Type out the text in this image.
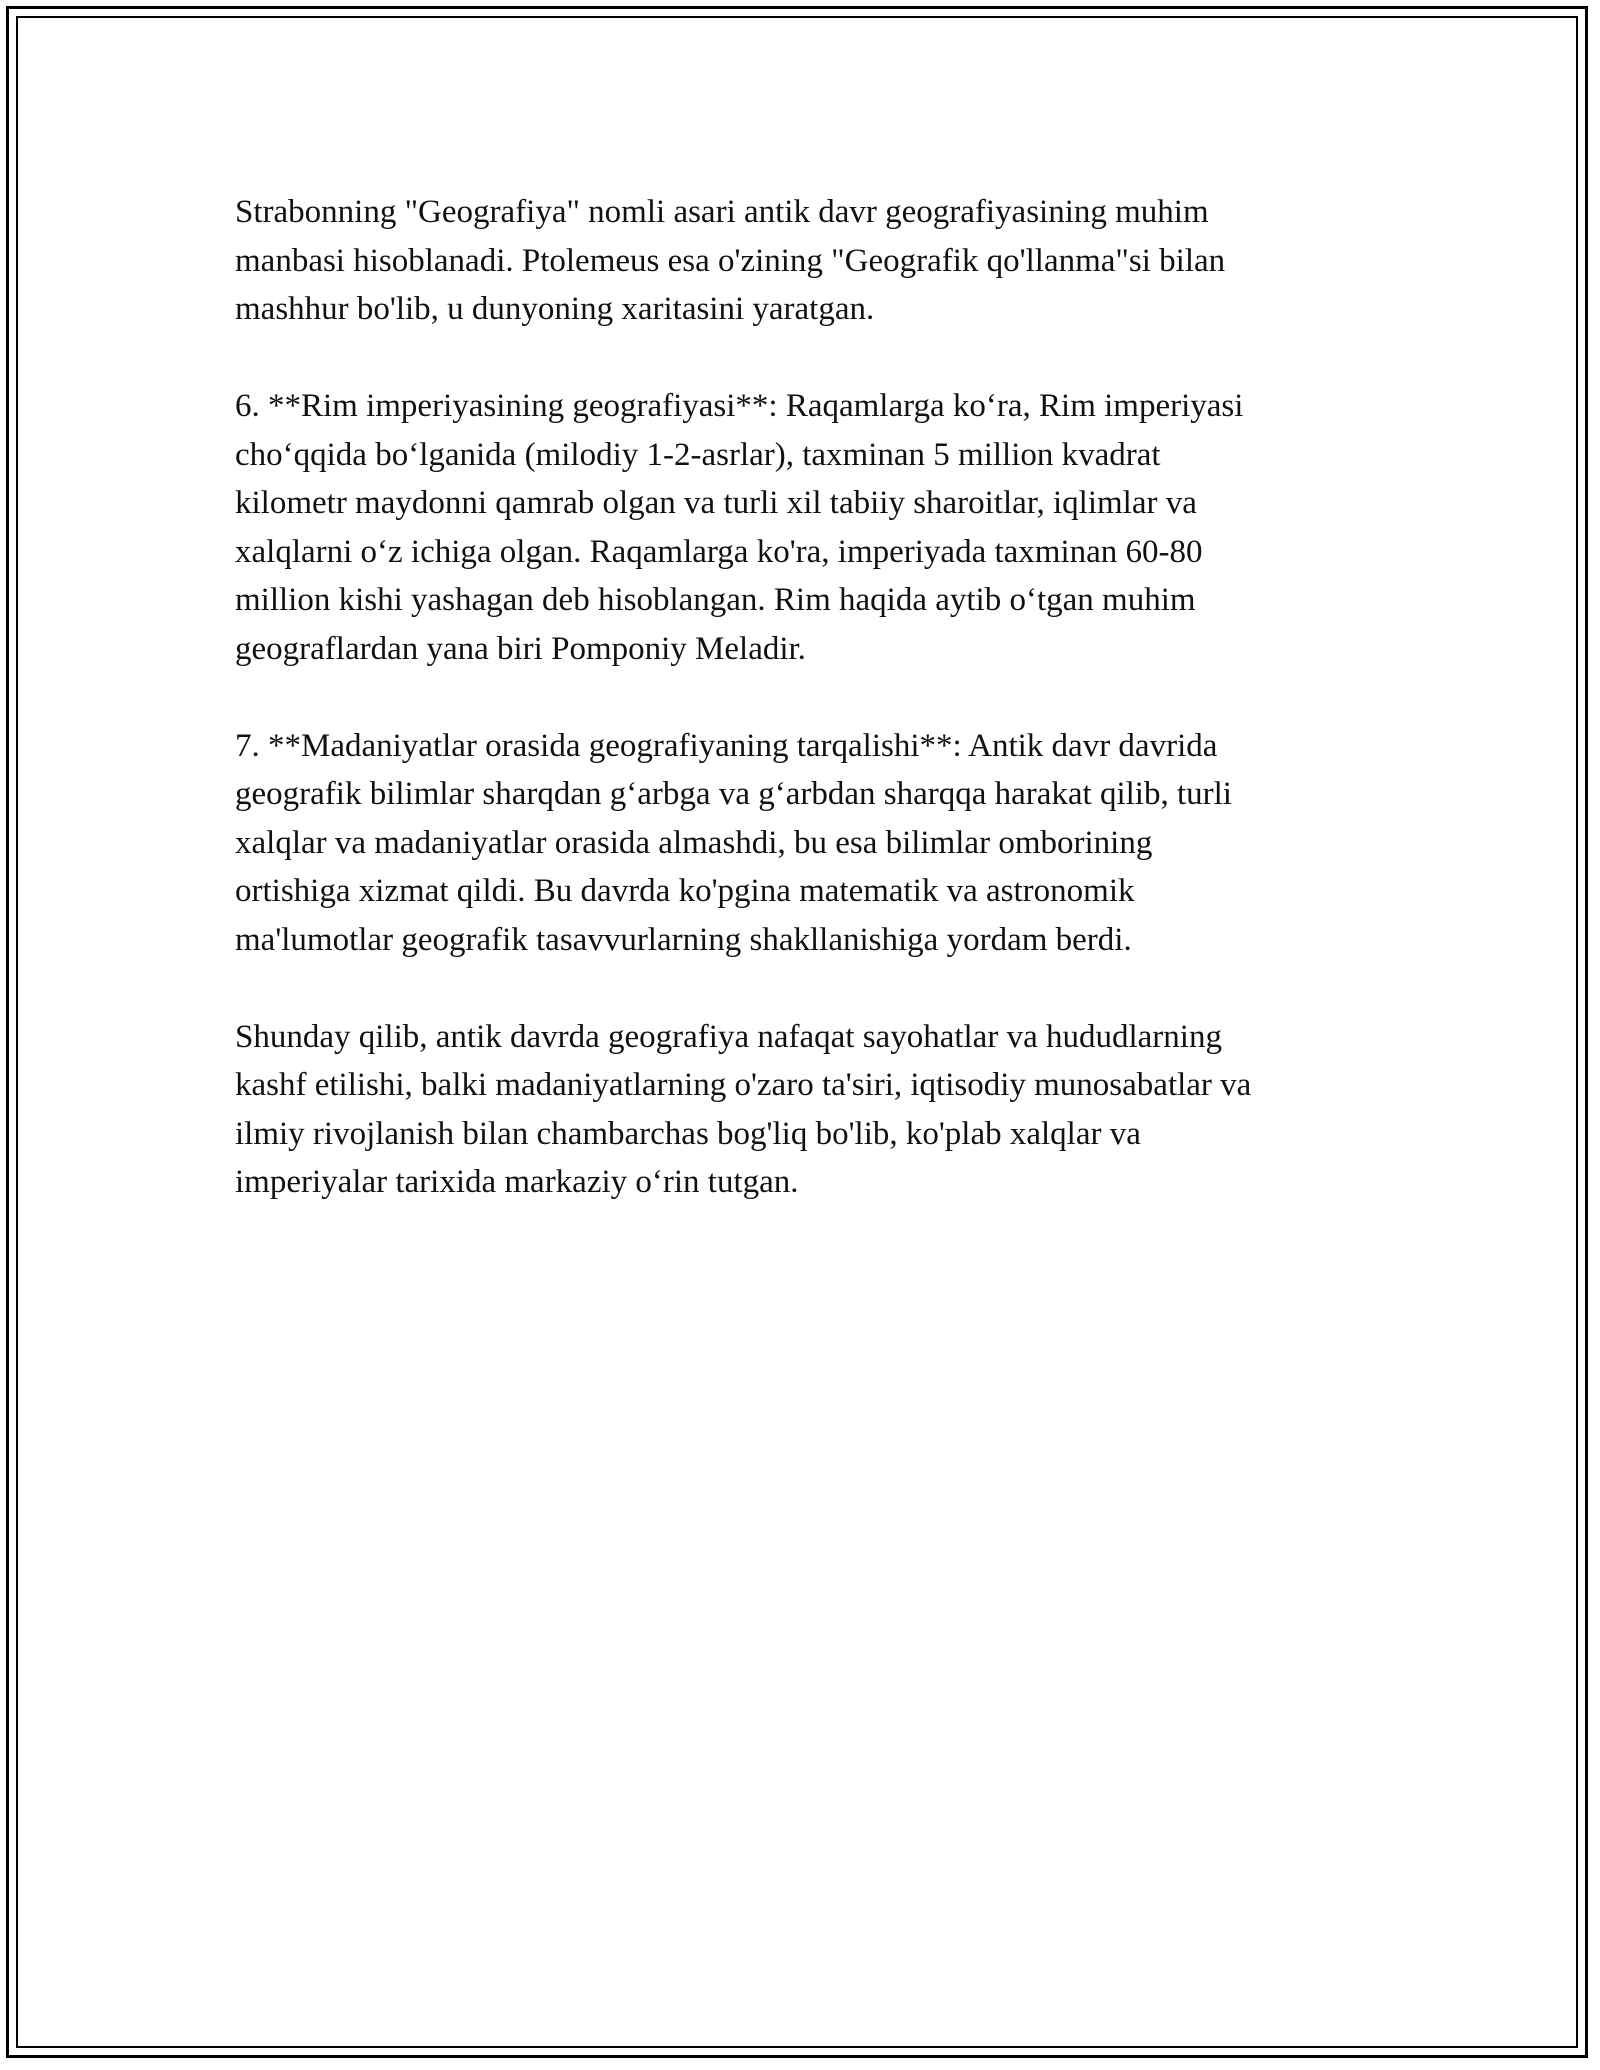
Strabonning "Geografiya" nomli asari antik davr geografiyasining muhim
manbasi hisoblanadi. Ptolemeus esa o'zining "Geografik qo'llanma"si bilan
mashhur bo'lib, u dunyoning xaritasini yaratgan.

6. **Rim imperiyasining geografiyasi**: Raqamlarga koʻra, Rim imperiyasi
choʻqqida boʻlganida (milodiy 1-2-asrlar), taxminan 5 million kvadrat
kilometr maydonni qamrab olgan va turli xil tabiiy sharoitlar, iqlimlar va
xalqlarni oʻz ichiga olgan. Raqamlarga ko'ra, imperiyada taxminan 60-80
million kishi yashagan deb hisoblangan. Rim haqida aytib oʻtgan muhim
geograflardan yana biri Pomponiy Meladir.

7. **Madaniyatlar orasida geografiyaning tarqalishi**: Antik davr davrida
geografik bilimlar sharqdan gʻarbga va gʻarbdan sharqqa harakat qilib, turli
xalqlar va madaniyatlar orasida almashdi, bu esa bilimlar omborining
ortishiga xizmat qildi. Bu davrda ko'pgina matematik va astronomik
ma'lumotlar geografik tasavvurlarning shakllanishiga yordam berdi.

Shunday qilib, antik davrda geografiya nafaqat sayohatlar va hududlarning
kashf etilishi, balki madaniyatlarning o'zaro ta'siri, iqtisodiy munosabatlar va
ilmiy rivojlanish bilan chambarchas bog'liq bo'lib, ko'plab xalqlar va
imperiyalar tarixida markaziy oʻrin tutgan.
